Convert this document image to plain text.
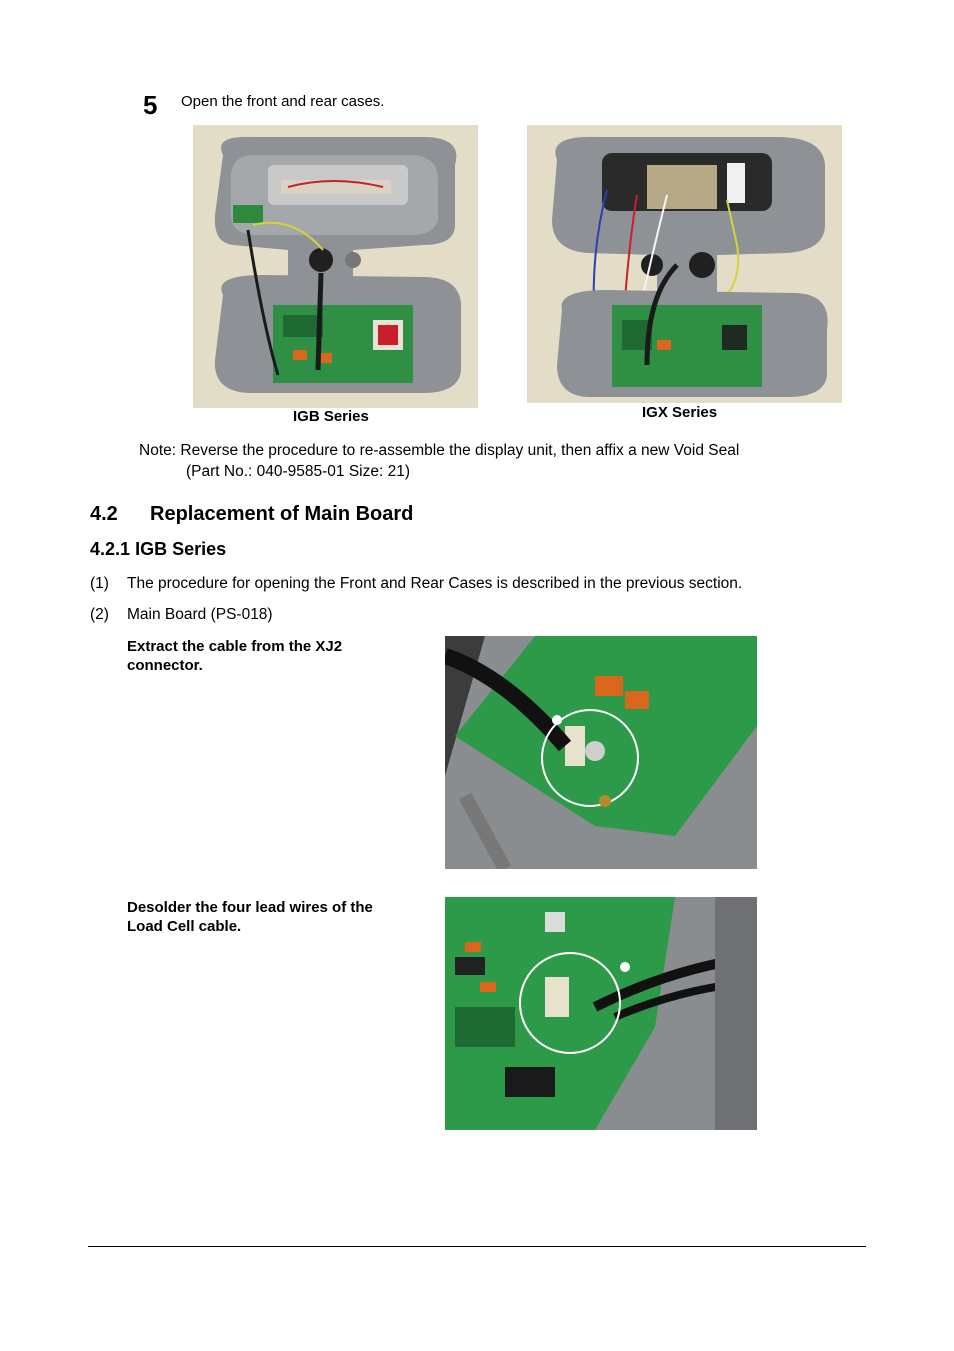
5 Open the front and rear cases.
IGB Series	IGX Series
Note: Reverse the procedure to re-assemble the display unit, then affix a new Void Seal
(Part No.: 040-9585-01 Size: 21)
4.2 Replacement of Main Board
4.2.1 IGB Series
(1) The procedure for opening the Front and Rear Cases is described in the previous section.
(2) Main Board (PS-018)
Extract the cable from the XJ2
connector.
Desolder the four lead wires of the
Load Cell cable.
